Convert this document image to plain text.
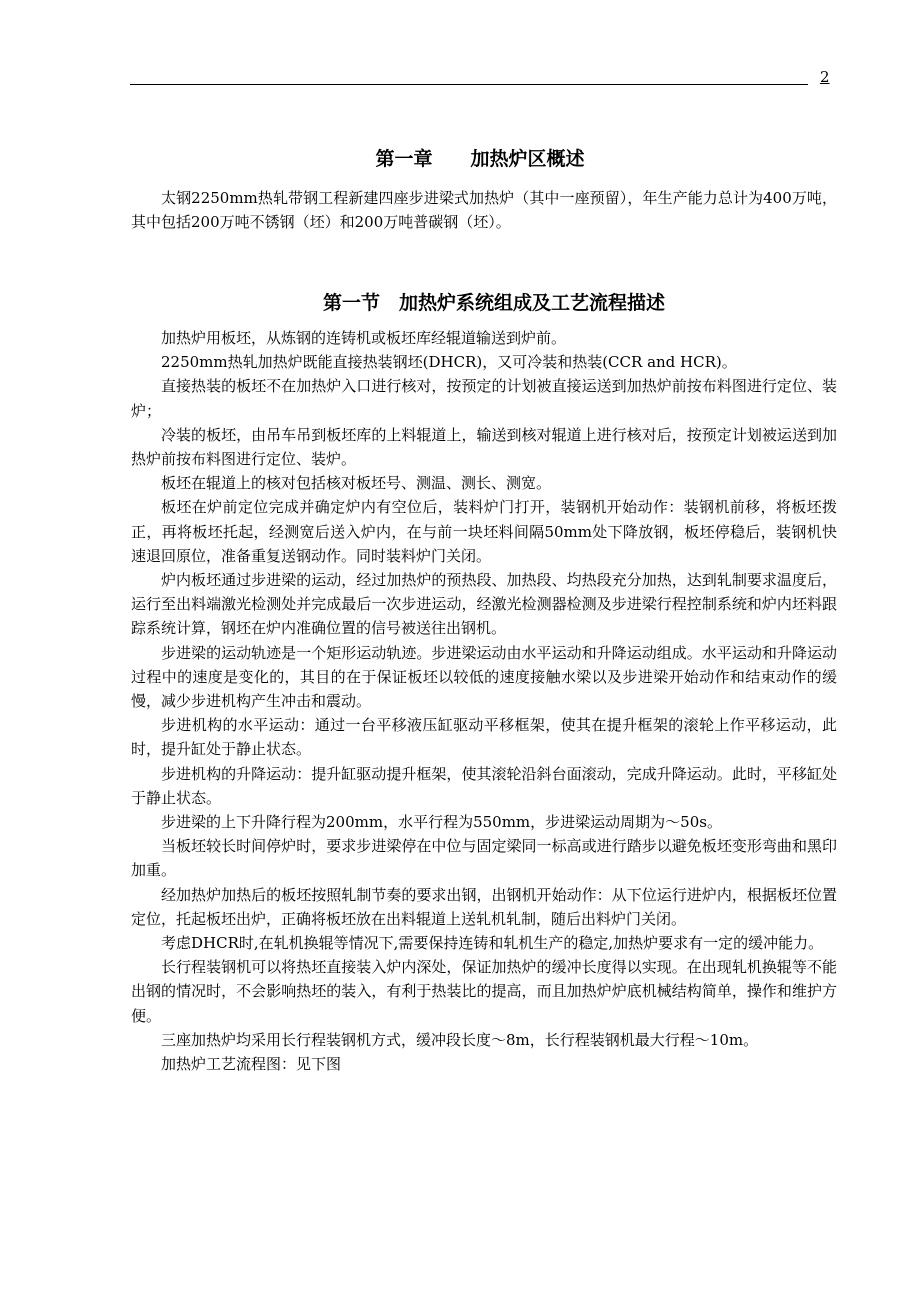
2
第一章　　加热炉区概述

太钢2250mm热轧带钢工程新建四座步进梁式加热炉（其中一座预留），年生产能力总计为400万吨，其中包括200万吨不锈钢（坯）和200万吨普碳钢（坯）。

第一节　加热炉系统组成及工艺流程描述

加热炉用板坯，从炼钢的连铸机或板坯库经辊道输送到炉前。

2250mm热轧加热炉既能直接热装钢坯(DHCR)，又可冷装和热装(CCR and HCR)。

直接热装的板坯不在加热炉入口进行核对，按预定的计划被直接运送到加热炉前按布料图进行定位、装炉；

冷装的板坯，由吊车吊到板坯库的上料辊道上，输送到核对辊道上进行核对后，按预定计划被运送到加热炉前按布料图进行定位、装炉。

板坯在辊道上的核对包括核对板坯号、测温、测长、测宽。

板坯在炉前定位完成并确定炉内有空位后，装料炉门打开，装钢机开始动作：装钢机前移，将板坯拨正，再将板坯托起，经测宽后送入炉内，在与前一块坯料间隔50mm处下降放钢，板坯停稳后，装钢机快速退回原位，准备重复送钢动作。同时装料炉门关闭。

炉内板坯通过步进梁的运动，经过加热炉的预热段、加热段、均热段充分加热，达到轧制要求温度后，运行至出料端激光检测处并完成最后一次步进运动，经激光检测器检测及步进梁行程控制系统和炉内坯料跟踪系统计算，钢坯在炉内准确位置的信号被送往出钢机。

步进梁的运动轨迹是一个矩形运动轨迹。步进梁运动由水平运动和升降运动组成。水平运动和升降运动过程中的速度是变化的，其目的在于保证板坯以较低的速度接触水梁以及步进梁开始动作和结束动作的缓慢，减少步进机构产生冲击和震动。

步进机构的水平运动：通过一台平移液压缸驱动平移框架，使其在提升框架的滚轮上作平移运动，此时，提升缸处于静止状态。

步进机构的升降运动：提升缸驱动提升框架，使其滚轮沿斜台面滚动，完成升降运动。此时，平移缸处于静止状态。

步进梁的上下升降行程为200mm，水平行程为550mm，步进梁运动周期为～50s。

当板坯较长时间停炉时，要求步进梁停在中位与固定梁同一标高或进行踏步以避免板坯变形弯曲和黑印加重。

经加热炉加热后的板坯按照轧制节奏的要求出钢，出钢机开始动作：从下位运行进炉内，根据板坯位置定位，托起板坯出炉，正确将板坯放在出料辊道上送轧机轧制，随后出料炉门关闭。

考虑DHCR时,在轧机换辊等情况下,需要保持连铸和轧机生产的稳定,加热炉要求有一定的缓冲能力。

长行程装钢机可以将热坯直接装入炉内深处，保证加热炉的缓冲长度得以实现。在出现轧机换辊等不能出钢的情况时，不会影响热坯的装入，有利于热装比的提高，而且加热炉炉底机械结构简单，操作和维护方便。

三座加热炉均采用长行程装钢机方式，缓冲段长度～8m，长行程装钢机最大行程～10m。

加热炉工艺流程图：见下图
